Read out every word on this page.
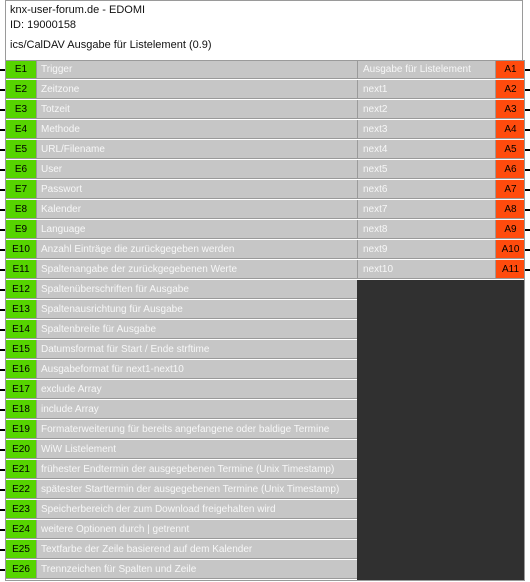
knx-user-forum.de - EDOMI
ID: 19000158
ics/CalDAV Ausgabe für Listelement (0.9)
E1	Trigger	Ausgabe für Listelement	A1
E2	Zeitzone	next1	A2
E3	Totzeit	next2	A3
E4	Methode	next3	A4
E5	URL/Filename	next4	A5
E6	User	next5	A6
E7	Passwort	next6	A7
E8	Kalender	next7	A8
E9	Language	next8	A9
E10	Anzahl Einträge die zurückgegeben werden	next9	A10
E11	Spaltenangabe der zurückgegebenen Werte	next10	A11
E12	Spaltenüberschriften für Ausgabe
E13	Spaltenausrichtung für Ausgabe
E14	Spaltenbreite für Ausgabe
E15	Datumsformat für Start / Ende strftime
E16	Ausgabeformat für next1-next10
E17	exclude Array
E18	include Array
E19	Formaterweiterung für bereits angefangene oder baldige Termine
E20	WiW Listelement
E21	frühester Endtermin der ausgegebenen Termine (Unix Timestamp)
E22	spätester Starttermin der ausgegebenen Termine (Unix Timestamp)
E23	Speicherbereich der zum Download freigehalten wird
E24	weitere Optionen durch | getrennt
E25	Textfarbe der Zeile basierend auf dem Kalender
E26	Trennzeichen für Spalten und Zeile
